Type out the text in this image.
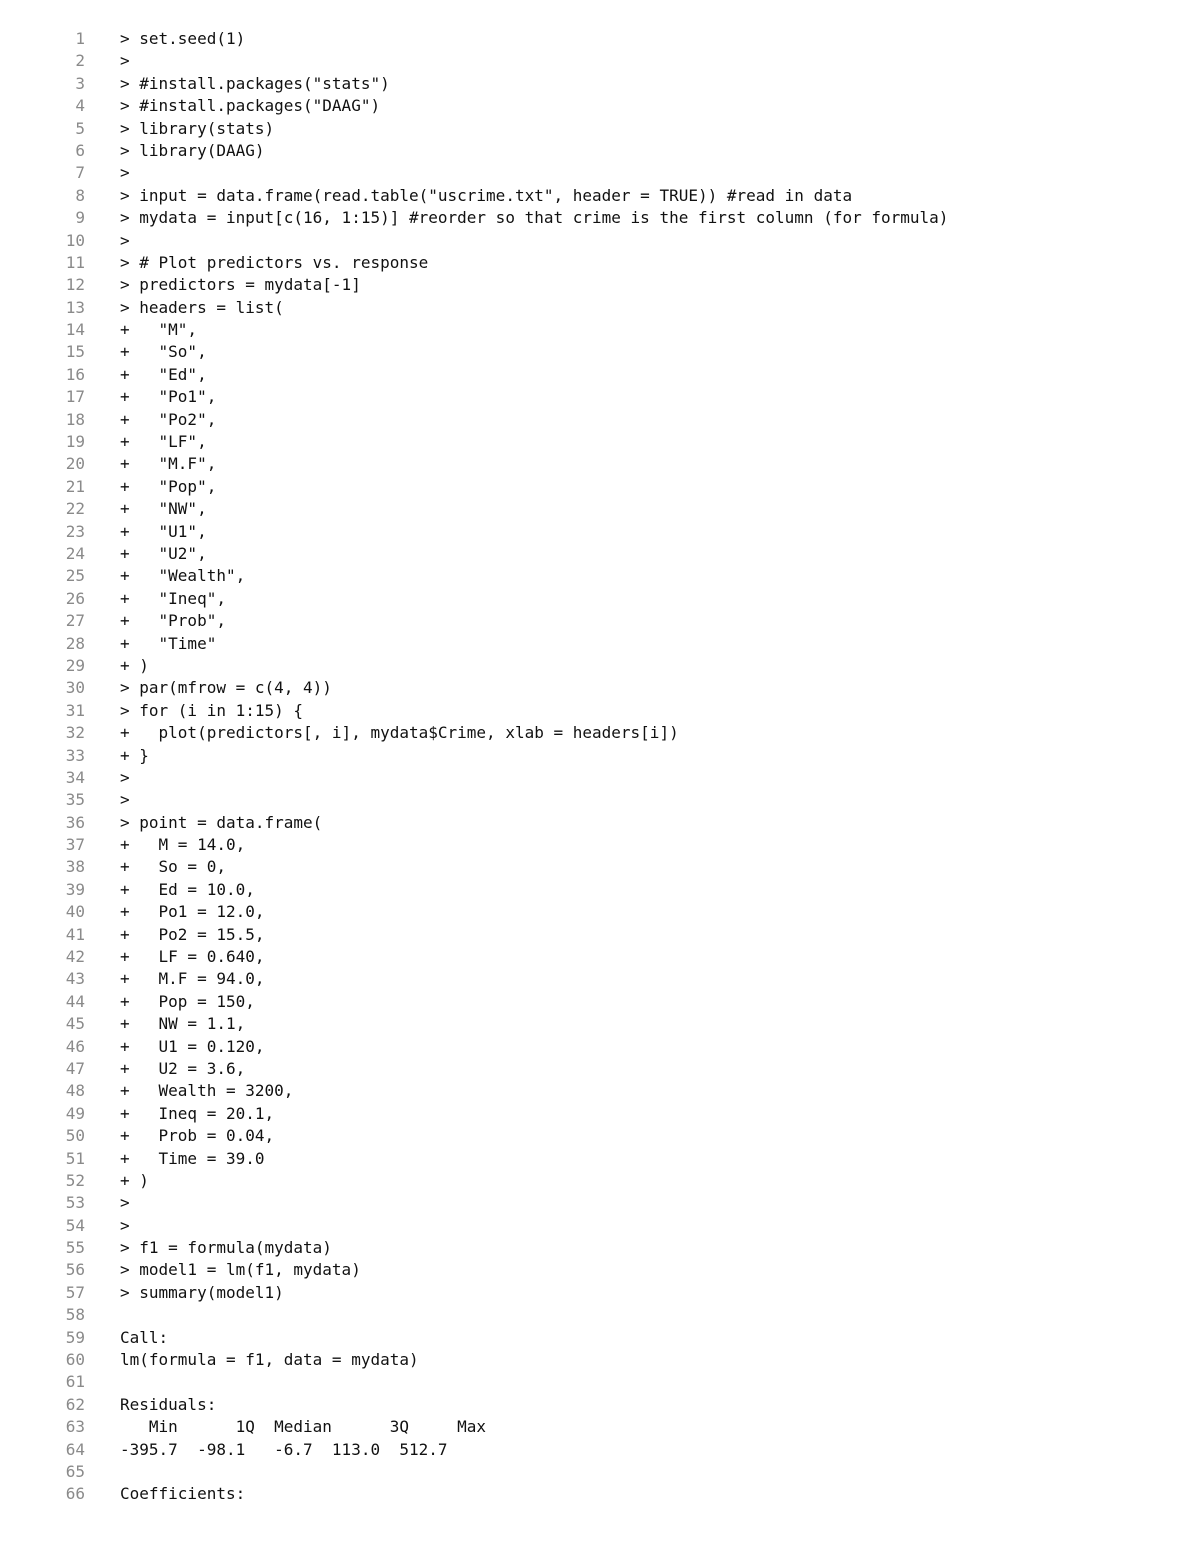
1 > set.seed(1)
2 >
3 > #install.packages("stats")
4 > #install.packages("DAAG")
5 > library(stats)
6 > library(DAAG)
7 >
8 > input = data.frame(read.table("uscrime.txt", header = TRUE)) #read in data
9 > mydata = input[c(16, 1:15)] #reorder so that crime is the first column (for formula)
10 >
11 > # Plot predictors vs. response
12 > predictors = mydata[-1]
13 > headers = list(
14 +   "M",
15 +   "So",
16 +   "Ed",
17 +   "Po1",
18 +   "Po2",
19 +   "LF",
20 +   "M.F",
21 +   "Pop",
22 +   "NW",
23 +   "U1",
24 +   "U2",
25 +   "Wealth",
26 +   "Ineq",
27 +   "Prob",
28 +   "Time"
29 + )
30 > par(mfrow = c(4, 4))
31 > for (i in 1:15) {
32 +   plot(predictors[, i], mydata$Crime, xlab = headers[i])
33 + }
34 >
35 >
36 > point = data.frame(
37 +   M = 14.0,
38 +   So = 0,
39 +   Ed = 10.0,
40 +   Po1 = 12.0,
41 +   Po2 = 15.5,
42 +   LF = 0.640,
43 +   M.F = 94.0,
44 +   Pop = 150,
45 +   NW = 1.1,
46 +   U1 = 0.120,
47 +   U2 = 3.6,
48 +   Wealth = 3200,
49 +   Ineq = 20.1,
50 +   Prob = 0.04,
51 +   Time = 39.0
52 + )
53 >
54 >
55 > f1 = formula(mydata)
56 > model1 = lm(f1, mydata)
57 > summary(model1)
58
59 Call:
60 lm(formula = f1, data = mydata)
61
62 Residuals:
63 Min      1Q  Median      3Q     Max
64 -395.7  -98.1   -6.7  113.0  512.7
65
66 Coefficients:
